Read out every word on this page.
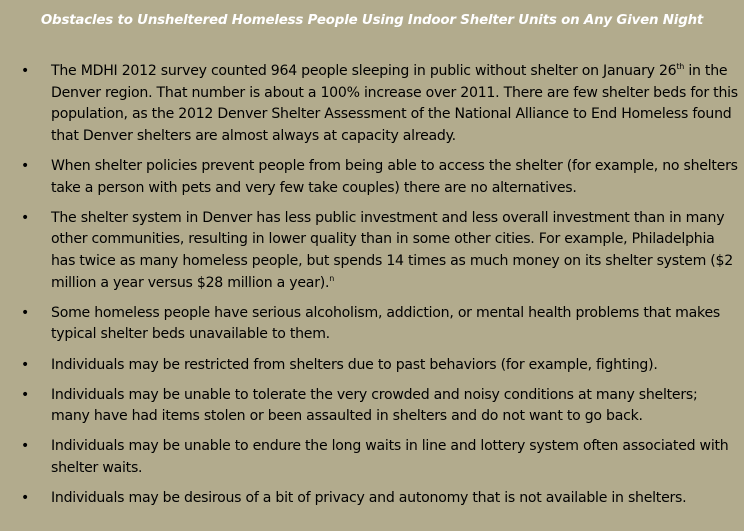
Obstacles to Unsheltered Homeless People Using Indoor Shelter Units on Any Given Night
• The MDHI 2012 survey counted 964 people sleeping in public without shelter on January 26th in the Denver region. That number is about a 100% increase over 2011. There are few shelter beds for this population, as the 2012 Denver Shelter Assessment of the National Alliance to End Homeless found that Denver shelters are almost always at capacity already.
• When shelter policies prevent people from being able to access the shelter (for example, no shelters take a person with pets and very few take couples) there are no alternatives.
• The shelter system in Denver has less public investment and less overall investment than in many other communities, resulting in lower quality than in some other cities. For example, Philadelphia has twice as many homeless people, but spends 14 times as much money on its shelter system ($2 million a year versus $28 million a year).$^n$
• Some homeless people have serious alcoholism, addiction, or mental health problems that makes typical shelter beds unavailable to them.
• Individuals may be restricted from shelters due to past behaviors (for example, fighting).
• Individuals may be unable to tolerate the very crowded and noisy conditions at many shelters; many have had items stolen or been assaulted in shelters and do not want to go back.
• Individuals may be unable to endure the long waits in line and lottery system often associated with shelter waits.
• Individuals may be desirous of a bit of privacy and autonomy that is not available in shelters.
